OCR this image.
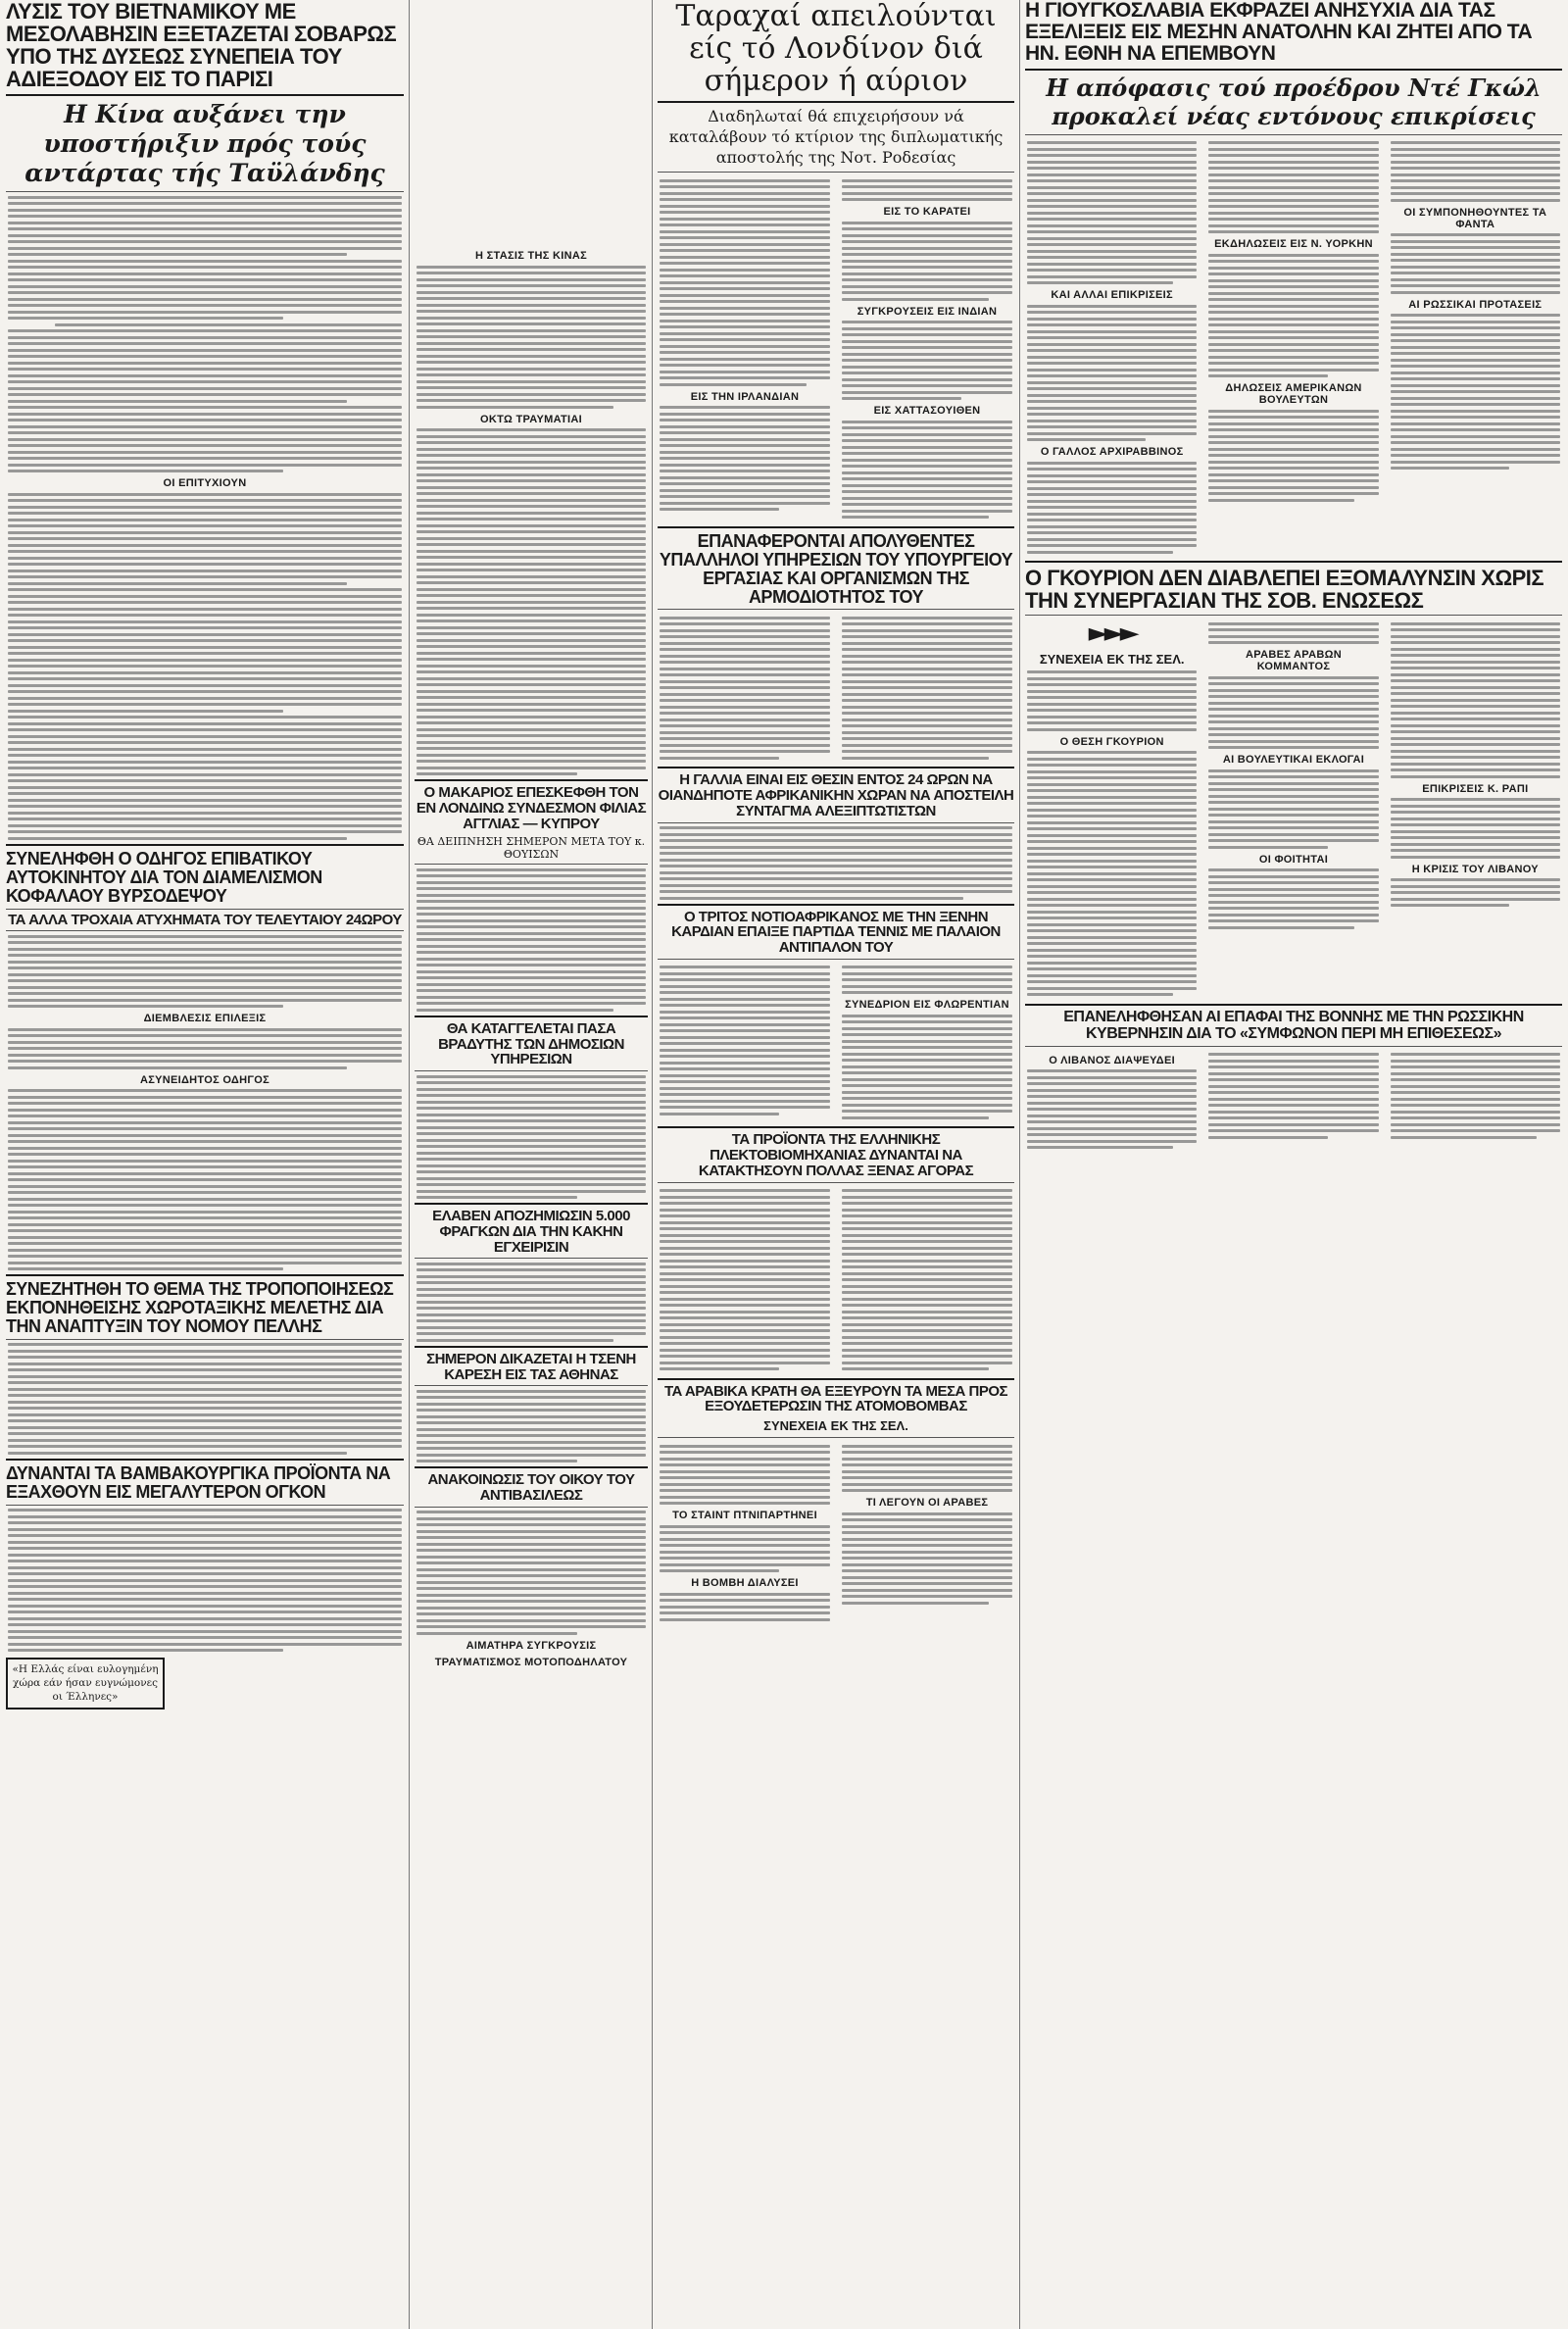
ΛΥΣΙΣ ΤΟΥ ΒΙΕΤΝΑΜΙΚΟΥ ΜΕ ΜΕΣΟΛΑΒΗΣΙΝ ΕΞΕΤΑΖΕΤΑΙ ΣΟΒΑΡΩΣ ΥΠΟ ΤΗΣ ΔΥΣΕΩΣ ΣΥΝΕΠΕΙΑ ΤΟΥ ΑΔΙΕΞΟΔΟΥ ΕΙΣ ΤΟ ΠΑΡΙΣΙ
Η Κίνα αυξάνει την υποστήριξιν πρός τούς αντάρτας τής Ταϋλάνδης
ΟΙ ΕΠΙΤΥΧΙΟΥΝ
ΣΥΝΕΛΗΦΘΗ Ο ΟΔΗΓΟΣ ΕΠΙΒΑΤΙΚΟΥ ΑΥΤΟΚΙΝΗΤΟΥ ΔΙΑ ΤΟΝ ΔΙΑΜΕΛΙΣΜΟΝ ΚΟΦΑΛΑΟΥ ΒΥΡΣΟΔΕΨΟΥ
ΤΑ ΑΛΛΑ ΤΡΟΧΑΙΑ ΑΤΥΧΗΜΑΤΑ ΤΟΥ ΤΕΛΕΥΤΑΙΟΥ 24ΩΡΟΥ
ΔΙΕΜΒΛΕΣΙΣ ΕΠΙΛΕΞΙΣ
ΑΣΥΝΕΙΔΗΤΟΣ ΟΔΗΓΟΣ
ΣΥΝΕΖΗΤΗΘΗ ΤΟ ΘΕΜΑ ΤΗΣ ΤΡΟΠΟΠΟΙΗΣΕΩΣ ΕΚΠΟΝΗΘΕΙΣΗΣ ΧΩΡΟΤΑΞΙΚΗΣ ΜΕΛΕΤΗΣ ΔΙΑ ΤΗΝ ΑΝΑΠΤΥΞΙΝ ΤΟΥ ΝΟΜΟΥ ΠΕΛΛΗΣ
ΔΥΝΑΝΤΑΙ ΤΑ ΒΑΜΒΑΚΟΥΡΓΙΚΑ ΠΡΟΪΟΝΤΑ ΝΑ ΕΞΑΧΘΟΥΝ ΕΙΣ ΜΕΓΑΛΥΤΕΡΟΝ ΟΓΚΟΝ
«Η Ελλάς είναι ευλογημένη χώρα εάν ήσαν ευγνώμονες οι Έλληνες»
Η ΣΤΑΣΙΣ ΤΗΣ ΚΙΝΑΣ
ΟΚΤΩ ΤΡΑΥΜΑΤΙΑΙ
Ο ΜΑΚΑΡΙΟΣ ΕΠΕΣΚΕΦΘΗ ΤΟΝ ΕΝ ΛΟΝΔΙΝΩ ΣΥΝΔΕΣΜΟΝ ΦΙΛΙΑΣ ΑΓΓΛΙΑΣ — ΚΥΠΡΟΥ
ΘΑ ΔΕΙΠΝΗΣΗ ΣΗΜΕΡΟΝ ΜΕΤΑ ΤΟΥ κ. ΘΟΥΙΣΩΝ
ΘΑ ΚΑΤΑΓΓΕΛΕΤΑΙ ΠΑΣΑ ΒΡΑΔΥΤΗΣ ΤΩΝ ΔΗΜΟΣΙΩΝ ΥΠΗΡΕΣΙΩΝ
ΕΛΑΒΕΝ ΑΠΟΖΗΜΙΩΣΙΝ 5.000 ΦΡΑΓΚΩΝ ΔΙΑ ΤΗΝ ΚΑΚΗΝ ΕΓΧΕΙΡΙΣΙΝ
ΣΗΜΕΡΟΝ ΔΙΚΑΖΕΤΑΙ Η ΤΣΕΝΗ ΚΑΡΕΣΗ ΕΙΣ ΤΑΣ ΑΘΗΝΑΣ
ΑΝΑΚΟΙΝΩΣΙΣ ΤΟΥ ΟΙΚΟΥ ΤΟΥ ΑΝΤΙΒΑΣΙΛΕΩΣ
ΑΙΜΑΤΗΡΑ ΣΥΓΚΡΟΥΣΙΣ
ΤΡΑΥΜΑΤΙΣΜΟΣ ΜΟΤΟΠΟΔΗΛΑΤΟΥ
Ταραχαί απειλούνται είς τό Λονδίνον διά σήμερον ή αύριον
Διαδηλωταί θά επιχειρήσουν νά καταλάβουν τό κτίριον της διπλωματικής αποστολής της Νοτ. Ροδεσίας
ΕΙΣ ΤΗΝ ΙΡΛΑΝΔΙΑΝ
ΕΙΣ ΤΟ ΚΑΡΑΤΕΙ
ΣΥΓΚΡΟΥΣΕΙΣ ΕΙΣ ΙΝΔΙΑΝ
ΕΙΣ ΧΑΤΤΑΣΟΥΙΘΕΝ
ΕΠΑΝΑΦΕΡΟΝΤΑΙ ΑΠΟΛΥΘΕΝΤΕΣ ΥΠΑΛΛΗΛΟΙ ΥΠΗΡΕΣΙΩΝ ΤΟΥ ΥΠΟΥΡΓΕΙΟΥ ΕΡΓΑΣΙΑΣ ΚΑΙ ΟΡΓΑΝΙΣΜΩΝ ΤΗΣ ΑΡΜΟΔΙΟΤΗΤΟΣ ΤΟΥ
Η ΓΑΛΛΙΑ ΕΙΝΑΙ ΕΙΣ ΘΕΣΙΝ ΕΝΤΟΣ 24 ΩΡΩΝ ΝΑ ΟΙΑΝΔΗΠΟΤΕ ΑΦΡΙΚΑΝΙΚΗΝ ΧΩΡΑΝ ΝΑ ΑΠΟΣΤΕΙΛΗ ΣΥΝΤΑΓΜΑ ΑΛΕΞΙΠΤΩΤΙΣΤΩΝ
Ο ΤΡΙΤΟΣ ΝΟΤΙΟΑΦΡΙΚΑΝΟΣ ΜΕ ΤΗΝ ΞΕΝΗΝ ΚΑΡΔΙΑΝ ΕΠΑΙΞΕ ΠΑΡΤΙΔΑ ΤΕΝΝΙΣ ΜΕ ΠΑΛΑΙΟΝ ΑΝΤΙΠΑΛΟΝ ΤΟΥ
ΣΥΝΕΔΡΙΟΝ ΕΙΣ ΦΛΩΡΕΝΤΙΑΝ
ΤΑ ΠΡΟΪΟΝΤΑ ΤΗΣ ΕΛΛΗΝΙΚΗΣ ΠΛΕΚΤΟΒΙΟΜΗΧΑΝΙΑΣ ΔΥΝΑΝΤΑΙ ΝΑ ΚΑΤΑΚΤΗΣΟΥΝ ΠΟΛΛΑΣ ΞΕΝΑΣ ΑΓΟΡΑΣ
ΤΑ ΑΡΑΒΙΚΑ ΚΡΑΤΗ ΘΑ ΕΞΕΥΡΟΥΝ ΤΑ ΜΕΣΑ ΠΡΟΣ ΕΞΟΥΔΕΤΕΡΩΣΙΝ ΤΗΣ ΑΤΟΜΟΒΟΜΒΑΣ
ΣΥΝΕΧΕΙΑ ΕΚ ΤΗΣ ΣΕΛ.
ΤΟ ΣΤΑΙΝΤ ΠΤΝΙΠΑΡΤΗΝΕΙ
Η ΒΟΜΒΗ ΔΙΑΛΥΣΕΙ
ΤΙ ΛΕΓΟΥΝ ΟΙ ΑΡΑΒΕΣ
Η ΓΙΟΥΓΚΟΣΛΑΒΙΑ ΕΚΦΡΑΖΕΙ ΑΝΗΣΥΧΙΑ ΔΙΑ ΤΑΣ ΕΞΕΛΙΞΕΙΣ ΕΙΣ ΜΕΣΗΝ ΑΝΑΤΟΛΗΝ ΚΑΙ ΖΗΤΕΙ ΑΠΟ ΤΑ ΗΝ. ΕΘΝΗ ΝΑ ΕΠΕΜΒΟΥΝ
Η απόφασις τού προέδρου Ντέ Γκώλ προκαλεί νέας εντόνους επικρίσεις
ΚΑΙ ΑΛΛΑΙ ΕΠΙΚΡΙΣΕΙΣ
Ο ΓΑΛΛΟΣ ΑΡΧΙΡΑΒΒΙΝΟΣ
ΕΚΔΗΛΩΣΕΙΣ ΕΙΣ Ν. ΥΟΡΚΗΝ
ΔΗΛΩΣΕΙΣ ΑΜΕΡΙΚΑΝΩΝ ΒΟΥΛΕΥΤΩΝ
ΟΙ ΣΥΜΠΟΝΗΘΟΥΝΤΕΣ ΤΑ ΦΑΝΤΑ
ΑΙ ΡΩΣΣΙΚΑΙ ΠΡΟΤΑΣΕΙΣ
Ο ΓΚΟΥΡΙΟΝ ΔΕΝ ΔΙΑΒΛΕΠΕΙ ΕΞΟΜΑΛΥΝΣΙΝ ΧΩΡΙΣ ΤΗΝ ΣΥΝΕΡΓΑΣΙΑΝ ΤΗΣ ΣΟΒ. ΕΝΩΣΕΩΣ
►►►
ΣΥΝΕΧΕΙΑ ΕΚ ΤΗΣ ΣΕΛ.
Ο ΘΕΣΗ ΓΚΟΥΡΙΟΝ
ΑΡΑΒΕΣ ΑΡΑΒΩΝ ΚΟΜΜΑΝΤΟΣ
ΑΙ ΒΟΥΛΕΥΤΙΚΑΙ ΕΚΛΟΓΑΙ
ΟΙ ΦΟΙΤΗΤΑΙ
ΕΠΙΚΡΙΣΕΙΣ Κ. ΡΑΠΙ
Η ΚΡΙΣΙΣ ΤΟΥ ΛΙΒΑΝΟΥ
ΕΠΑΝΕΛΗΦΘΗΣΑΝ ΑΙ ΕΠΑΦΑΙ ΤΗΣ ΒΟΝΝΗΣ ΜΕ ΤΗΝ ΡΩΣΣΙΚΗΝ ΚΥΒΕΡΝΗΣΙΝ ΔΙΑ ΤΟ «ΣΥΜΦΩΝΟΝ ΠΕΡΙ ΜΗ ΕΠΙΘΕΣΕΩΣ»
Ο ΛΙΒΑΝΟΣ ΔΙΑΨΕΥΔΕΙ
